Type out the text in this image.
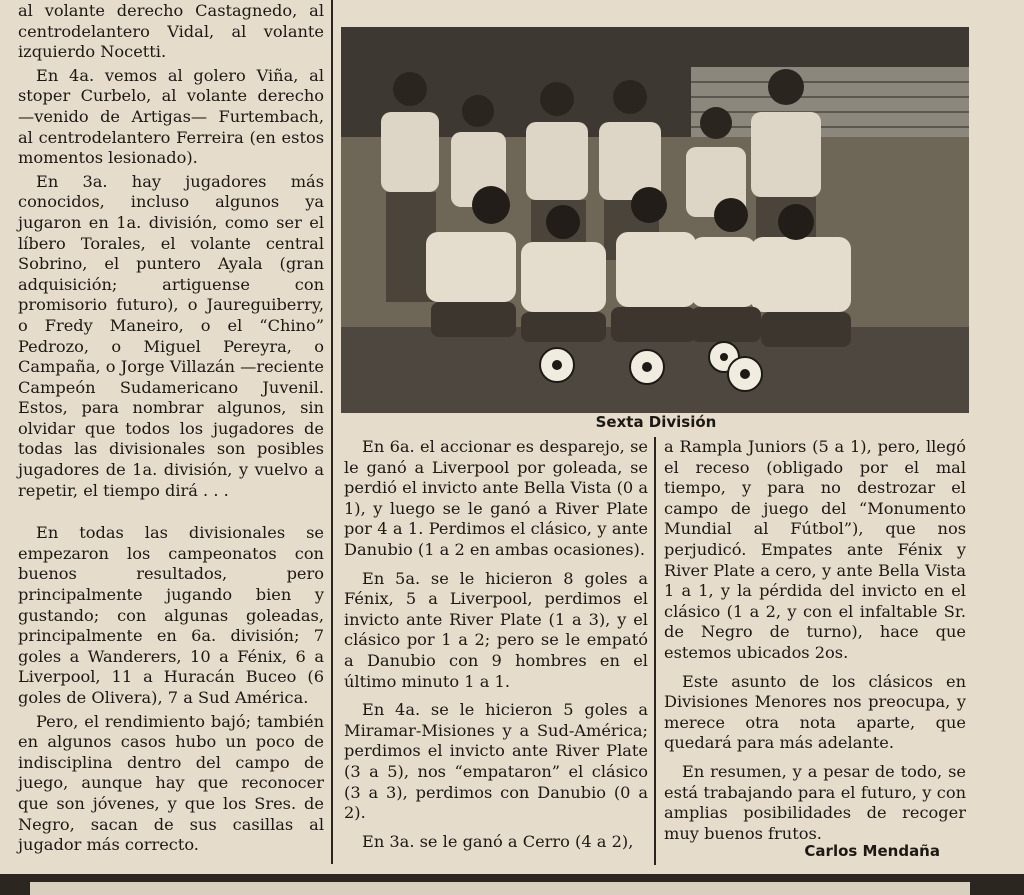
al volante derecho Castagnedo, al centrodelantero Vidal, al volante izquierdo Nocetti.

En 4a. vemos al golero Viña, al stoper Curbelo, al volante derecho —venido de Artigas— Furtembach, al centrodelantero Ferreira (en estos momentos lesionado).

En 3a. hay jugadores más conocidos, incluso algunos ya jugaron en 1a. división, como ser el líbero Torales, el volante central Sobrino, el puntero Ayala (gran adquisición; artiguense con promisorio futuro), o Jaureguiberry, o Fredy Maneiro, o el “Chino” Pedrozo, o Miguel Pereyra, o Campaña, o Jorge Villazán —reciente Campeón Sudamericano Juvenil. Estos, para nombrar algunos, sin olvidar que todos los jugadores de todas las divisionales son posibles jugadores de 1a. división, y vuelvo a repetir, el tiempo dirá . . .

En todas las divisionales se empezaron los campeonatos con buenos resultados, pero principalmente jugando bien y gustando; con algunas goleadas, principalmente en 6a. división; 7 goles a Wanderers, 10 a Fénix, 6 a Liverpool, 11 a Huracán Buceo (6 goles de Olivera), 7 a Sud América.

Pero, el rendimiento bajó; también en algunos casos hubo un poco de indisciplina dentro del campo de juego, aunque hay que reconocer que son jóvenes, y que los Sres. de Negro, sacan de sus casillas al jugador más correcto.

Sexta División

En 6a. el accionar es desparejo, se le ganó a Liverpool por goleada, se perdió el invicto ante Bella Vista (0 a 1), y luego se le ganó a River Plate por 4 a 1. Perdimos el clásico, y ante Danubio (1 a 2 en ambas ocasiones).

En 5a. se le hicieron 8 goles a Fénix, 5 a Liverpool, perdimos el invicto ante River Plate (1 a 3), y el clásico por 1 a 2; pero se le empató a Danubio con 9 hombres en el último minuto 1 a 1.

En 4a. se le hicieron 5 goles a Miramar-Misiones y a Sud-América; perdimos el invicto ante River Plate (3 a 5), nos “empataron” el clásico (3 a 3), perdimos con Danubio (0 a 2).

En 3a. se le ganó a Cerro (4 a 2),

a Rampla Juniors (5 a 1), pero, llegó el receso (obligado por el mal tiempo, y para no destrozar el campo de juego del “Monumento Mundial al Fútbol”), que nos perjudicó. Empates ante Fénix y River Plate a cero, y ante Bella Vista 1 a 1, y la pérdida del invicto en el clásico (1 a 2, y con el infaltable Sr. de Negro de turno), hace que estemos ubicados 2os.

Este asunto de los clásicos en Divisiones Menores nos preocupa, y merece otra nota aparte, que quedará para más adelante.

En resumen, y a pesar de todo, se está trabajando para el futuro, y con amplias posibilidades de recoger muy buenos frutos.

Carlos Mendaña
